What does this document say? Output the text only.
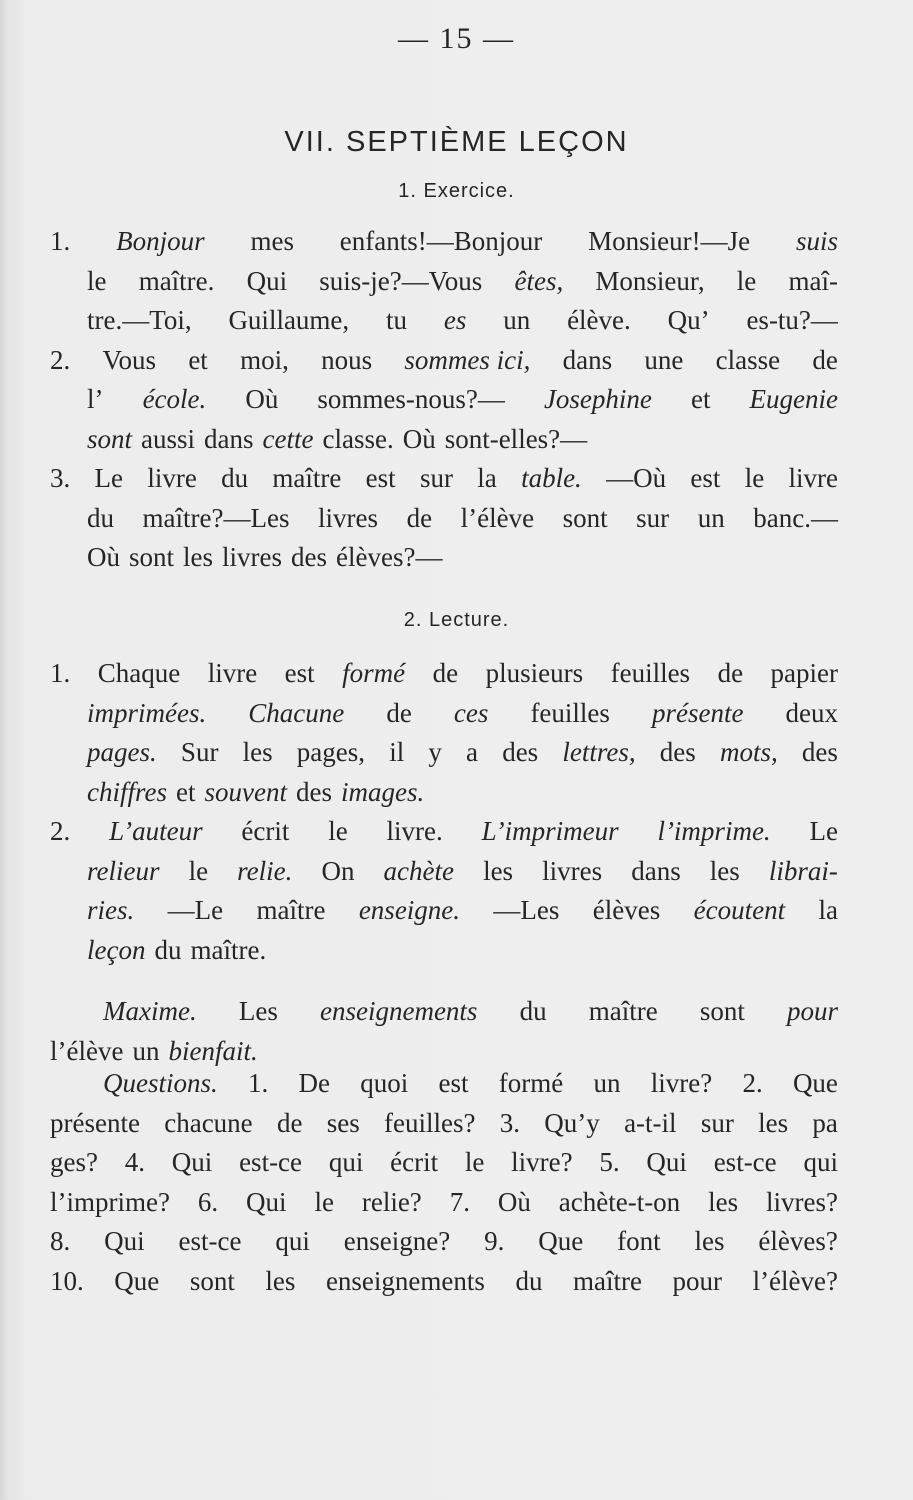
— 15 —
VII. SEPTIÈME LEÇON
1. Exercice.
1. Bonjour mes enfants!—Bonjour Monsieur!—Je suis
le maître. Qui suis-je?—Vous êtes, Monsieur, le maî-
tre.—Toi, Guillaume, tu es un élève. Qu’ es-tu?—
2. Vous et moi, nous sommes ici, dans une classe de
l’ école. Où sommes-nous?— Josephine et Eugenie
sont aussi dans cette classe. Où sont-elles?—
3. Le livre du maître est sur la table. —Où est le livre
du maître?—Les livres de l’élève sont sur un banc.—
Où sont les livres des élèves?—
2. Lecture.
1. Chaque livre est formé de plusieurs feuilles de papier
imprimées. Chacune de ces feuilles présente deux
pages. Sur les pages, il y a des lettres, des mots, des
chiffres et souvent des images.
2. L’auteur écrit le livre. L’imprimeur l’imprime. Le
relieur le relie. On achète les livres dans les librai-
ries. —Le maître enseigne. —Les élèves écoutent la
leçon du maître.
Maxime. Les enseignements du maître sont pour
l’élève un bienfait.
Questions. 1. De quoi est formé un livre? 2. Que
présente chacune de ses feuilles? 3. Qu’y a-t-il sur les pa
ges? 4. Qui est-ce qui écrit le livre? 5. Qui est-ce qui
l’imprime? 6. Qui le relie? 7. Où achète-t-on les livres?
8. Qui est-ce qui enseigne? 9. Que font les élèves?
10. Que sont les enseignements du maître pour l’élève?
